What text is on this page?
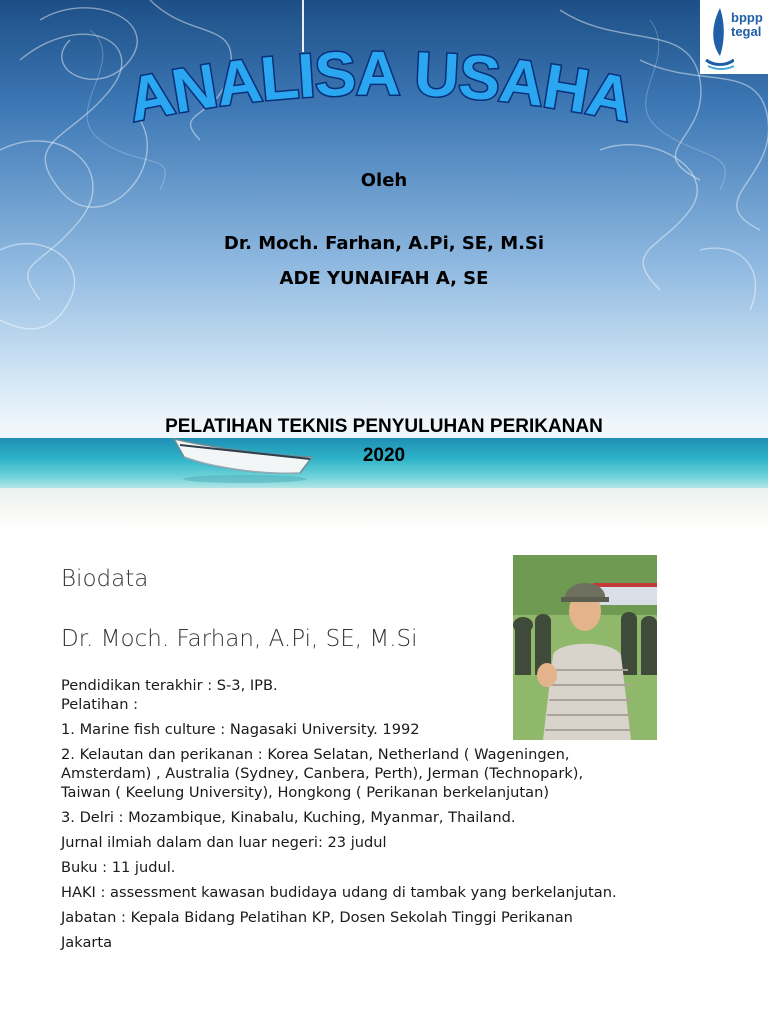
ANALISA USAHA
bppp
tegal
Oleh
Dr. Moch. Farhan, A.Pi, SE, M.Si
ADE YUNAIFAH A, SE
PELATIHAN TEKNIS PENYULUHAN PERIKANAN
2020
Biodata
Dr. Moch. Farhan, A.Pi, SE, M.Si
Pendidikan terakhir : S-3, IPB.
Pelatihan :
1. Marine fish culture : Nagasaki University. 1992
2. Kelautan dan perikanan : Korea Selatan, Netherland ( Wageningen,
Amsterdam) , Australia (Sydney, Canbera, Perth), Jerman (Technopark),
Taiwan ( Keelung University), Hongkong ( Perikanan berkelanjutan)
3. Delri : Mozambique, Kinabalu, Kuching, Myanmar, Thailand.
Jurnal ilmiah dalam dan luar negeri: 23 judul
Buku : 11 judul.
HAKI : assessment kawasan budidaya udang di tambak yang berkelanjutan.
Jabatan : Kepala Bidang Pelatihan KP, Dosen Sekolah Tinggi Perikanan
Jakarta
